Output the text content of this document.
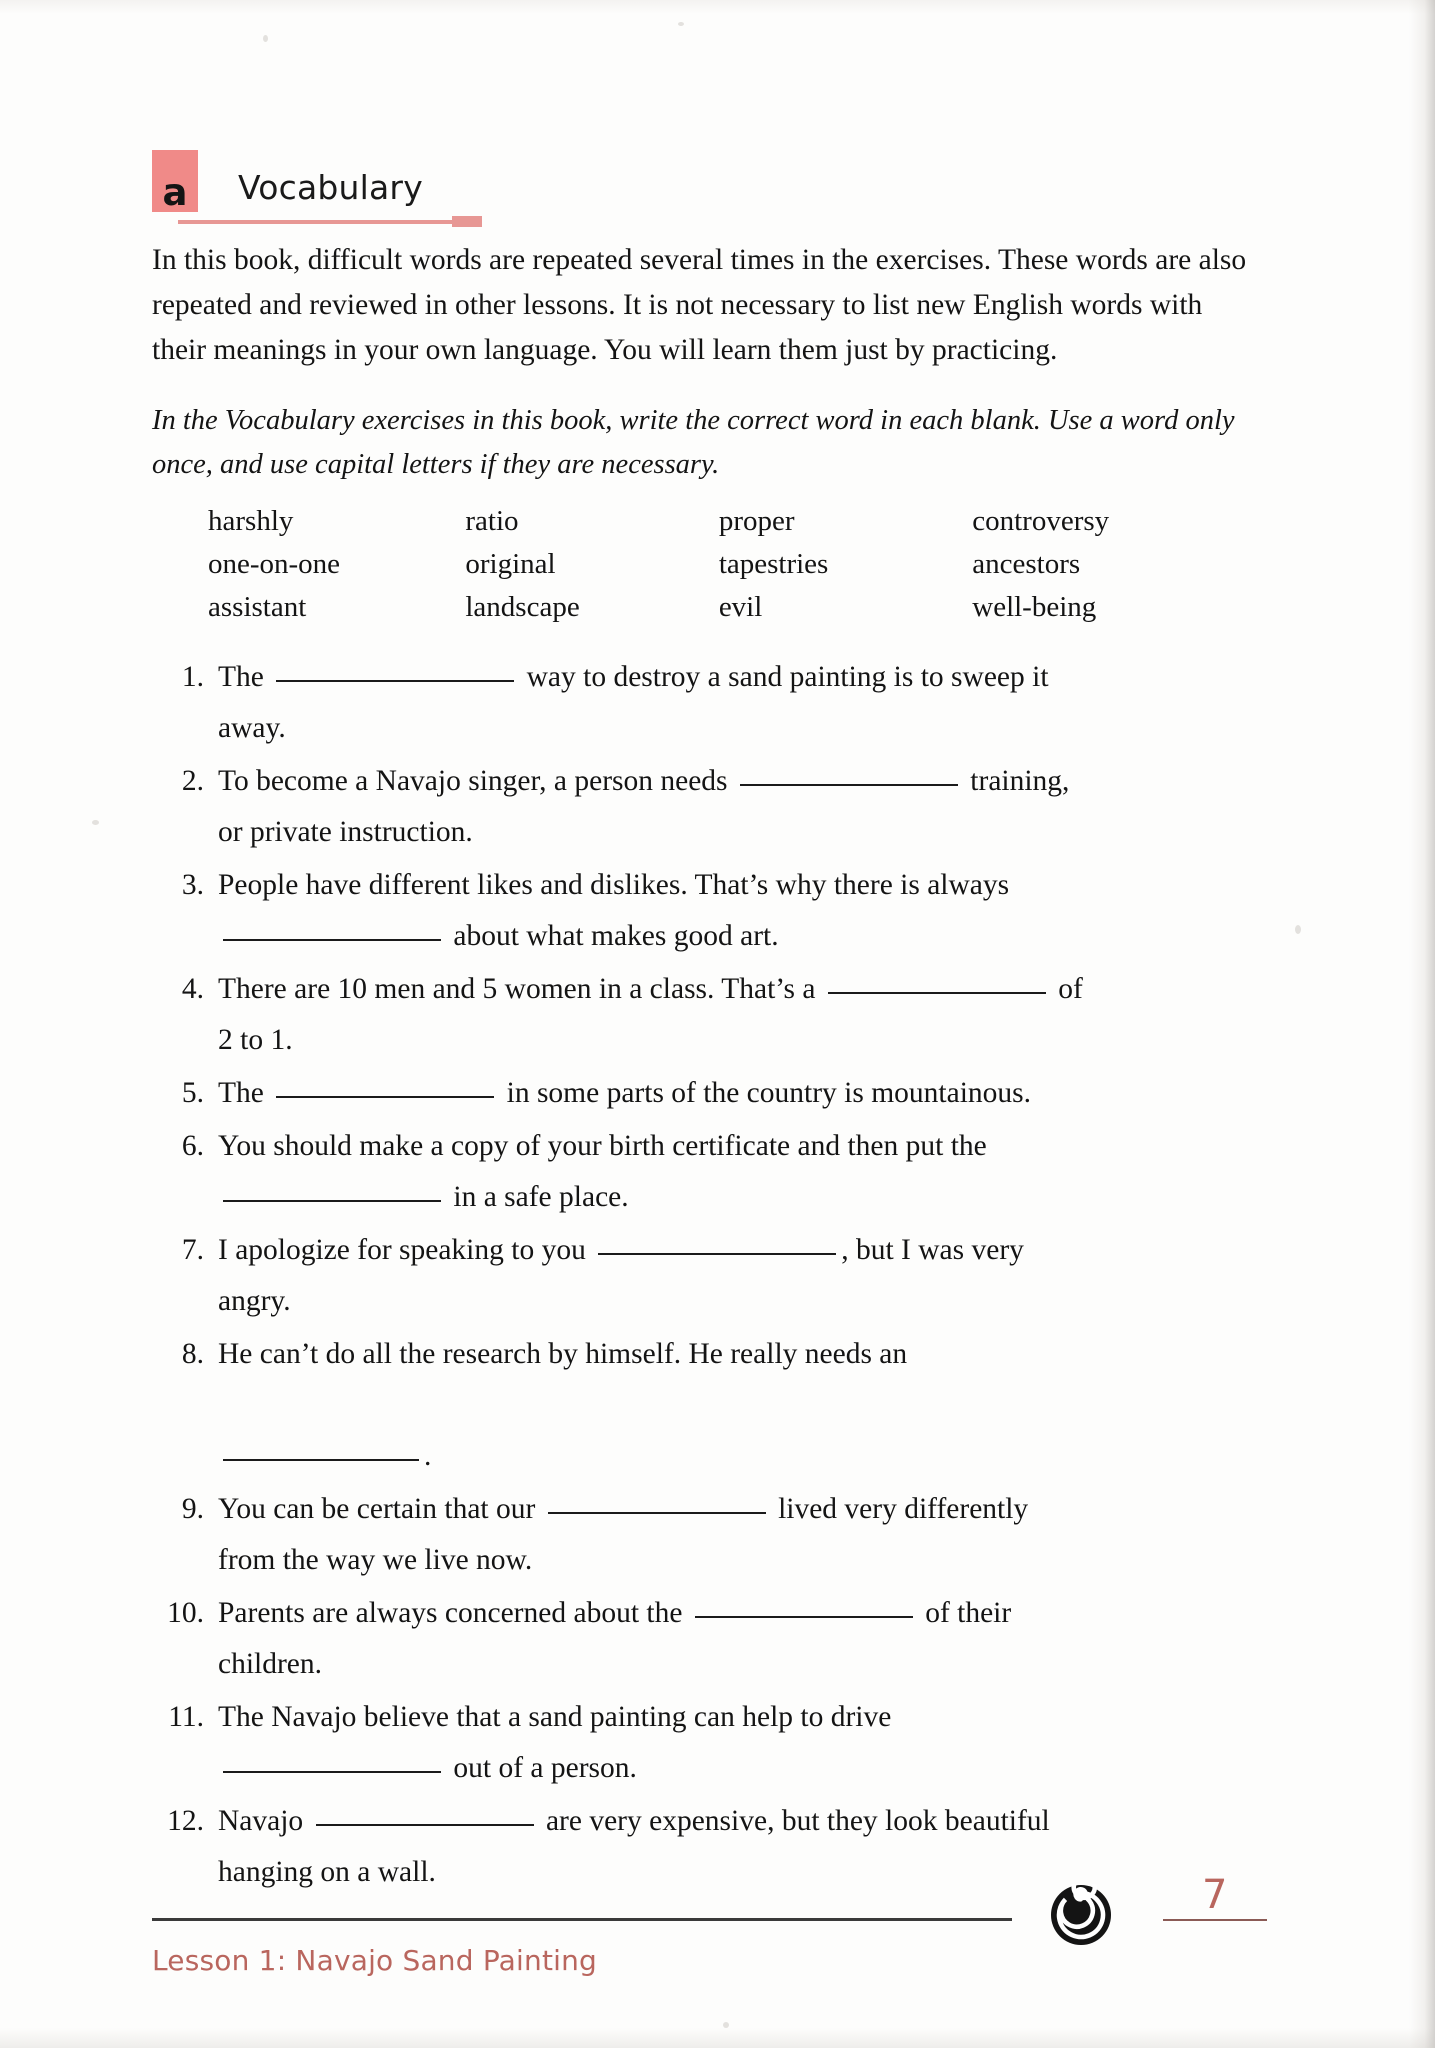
a Vocabulary

In this book, difficult words are repeated several times in the exercises. These words are also repeated and reviewed in other lessons. It is not necessary to list new English words with their meanings in your own language. You will learn them just by practicing.

In the Vocabulary exercises in this book, write the correct word in each blank. Use a word only once, and use capital letters if they are necessary.

harshly	ratio	proper	controversy
one-on-one	original	tapestries	ancestors
assistant	landscape	evil	well-being
1. The	way to destroy a sand painting is to sweep it
away.
2. To become a Navajo singer, a person needs	training,
or private instruction.
3. People have different likes and dislikes. That’s why there is always
about what makes good art.
4. There are 10 men and 5 women in a class. That’s a	of
2 to 1.
5. The	in some parts of the country is mountainous.
6. You should make a copy of your birth certificate and then put the
in a safe place.
7. I apologize for speaking to you	, but I was very
angry.
8. He can’t do all the research by himself. He really needs an

.
9. You can be certain that our	lived very differently
from the way we live now.
10. Parents are always concerned about the	of their
children.
11. The Navajo believe that a sand painting can help to drive
out of a person.
12. Navajo	are very expensive, but they look beautiful
hanging on a wall.
Lesson 1: Navajo Sand Painting
7
